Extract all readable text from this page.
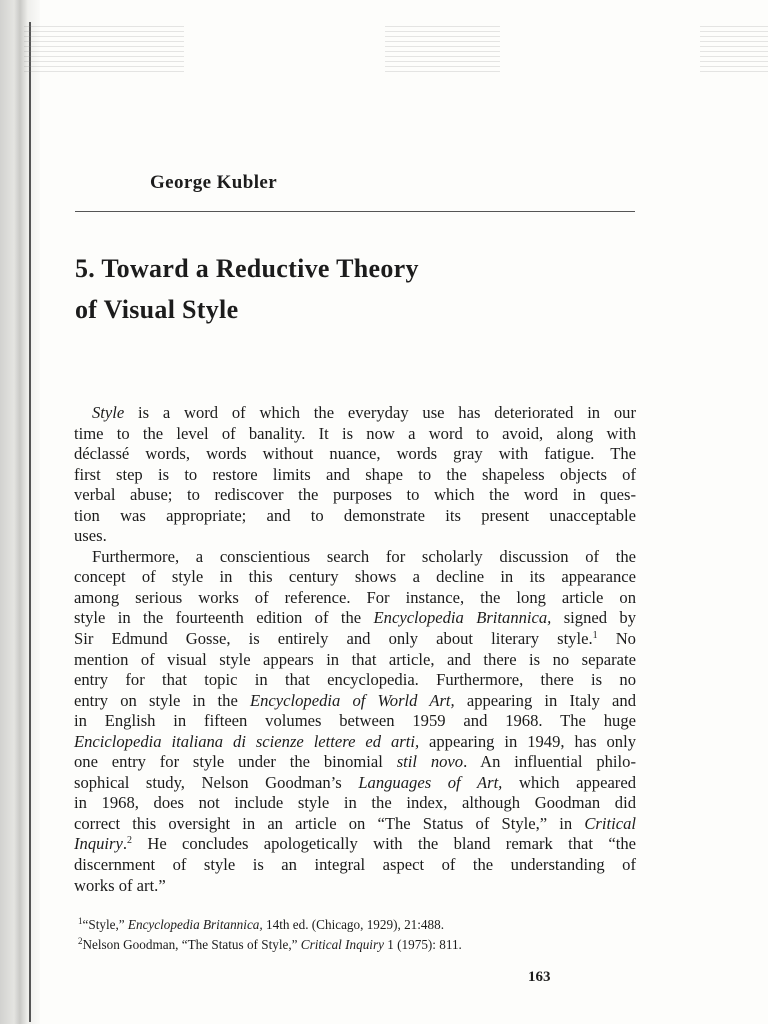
George Kubler
5. Toward a Reductive Theory
of Visual Style
Style is a word of which the everyday use has deteriorated in our
time to the level of banality. It is now a word to avoid, along with
déclassé words, words without nuance, words gray with fatigue. The
first step is to restore limits and shape to the shapeless objects of
verbal abuse; to rediscover the purposes to which the word in ques-
tion was appropriate; and to demonstrate its present unacceptable
uses.
Furthermore, a conscientious search for scholarly discussion of the
concept of style in this century shows a decline in its appearance
among serious works of reference. For instance, the long article on
style in the fourteenth edition of the Encyclopedia Britannica, signed by
Sir Edmund Gosse, is entirely and only about literary style.$^1$ No
mention of visual style appears in that article, and there is no separate
entry for that topic in that encyclopedia. Furthermore, there is no
entry on style in the Encyclopedia of World Art, appearing in Italy and
in English in fifteen volumes between 1959 and 1968. The huge
Enciclopedia italiana di scienze lettere ed arti, appearing in 1949, has only
one entry for style under the binomial stil novo. An influential philo-
sophical study, Nelson Goodman’s Languages of Art, which appeared
in 1968, does not include style in the index, although Goodman did
correct this oversight in an article on “The Status of Style,” in Critical
Inquiry.$^2$ He concludes apologetically with the bland remark that “the
discernment of style is an integral aspect of the understanding of
works of art.”
$^1$“Style,” Encyclopedia Britannica, 14th ed. (Chicago, 1929), 21:488.
$^2$Nelson Goodman, “The Status of Style,” Critical Inquiry 1 (1975): 811.
163
